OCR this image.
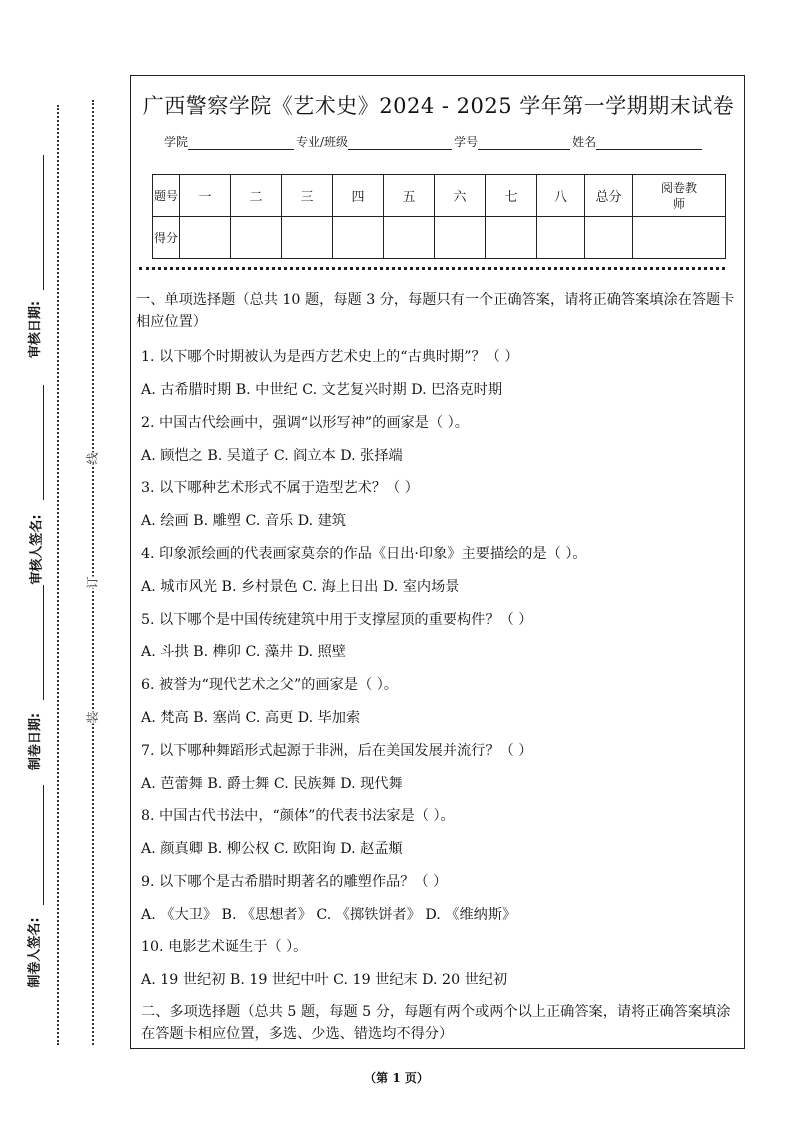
审核日期:
审核人签名:
制卷日期:
制卷人签名:
线
订
装
广西警察学院《艺术史》2024 - 2025 学年第一学期期末试卷
学院	专业/班级	学号	姓名
题号	一	二	三	四	五	六	七	八	总分	阅卷教师
得分										

一、单项选择题（总共 10 题，每题 3 分，每题只有一个正确答案，请将正确答案填涂在答题卡相应位置）

1. 以下哪个时期被认为是西方艺术史上的“古典时期”？（ ）
A. 古希腊时期 B. 中世纪 C. 文艺复兴时期 D. 巴洛克时期
2. 中国古代绘画中，强调“以形写神”的画家是（ ）。
A. 顾恺之 B. 吴道子 C. 阎立本 D. 张择端
3. 以下哪种艺术形式不属于造型艺术？（ ）
A. 绘画 B. 雕塑 C. 音乐 D. 建筑
4. 印象派绘画的代表画家莫奈的作品《日出·印象》主要描绘的是（ ）。
A. 城市风光 B. 乡村景色 C. 海上日出 D. 室内场景
5. 以下哪个是中国传统建筑中用于支撑屋顶的重要构件？（ ）
A. 斗拱 B. 榫卯 C. 藻井 D. 照壁
6. 被誉为“现代艺术之父”的画家是（ ）。
A. 梵高 B. 塞尚 C. 高更 D. 毕加索
7. 以下哪种舞蹈形式起源于非洲，后在美国发展并流行？（ ）
A. 芭蕾舞 B. 爵士舞 C. 民族舞 D. 现代舞
8. 中国古代书法中，“颜体”的代表书法家是（ ）。
A. 颜真卿 B. 柳公权 C. 欧阳询 D. 赵孟頫
9. 以下哪个是古希腊时期著名的雕塑作品？（ ）
A. 《大卫》 B. 《思想者》 C. 《掷铁饼者》 D. 《维纳斯》
10. 电影艺术诞生于（ ）。
A. 19 世纪初 B. 19 世纪中叶 C. 19 世纪末 D. 20 世纪初

二、多项选择题（总共 5 题，每题 5 分，每题有两个或两个以上正确答案，请将正确答案填涂在答题卡相应位置，多选、少选、错选均不得分）

（第 1 页）
